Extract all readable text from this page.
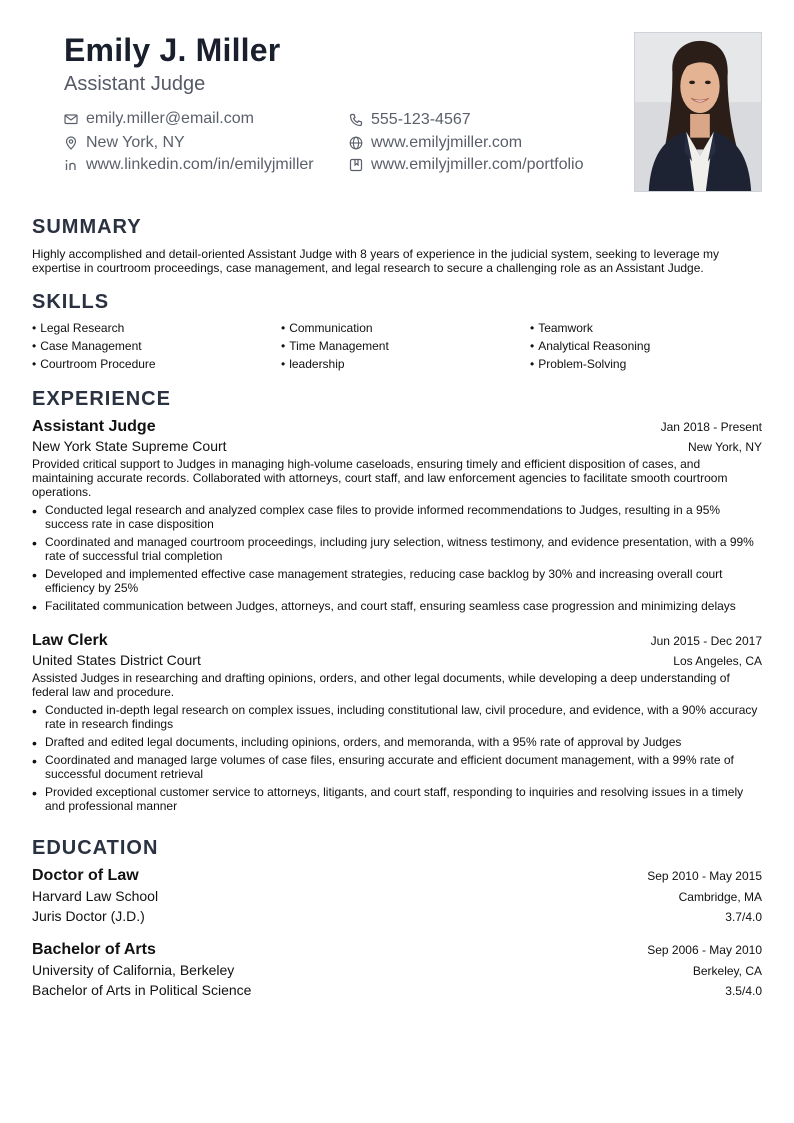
Emily J. Miller
Assistant Judge
emily.miller@email.com	555-123-4567
New York, NY	www.emilyjmiller.com
www.linkedin.com/in/emilyjmiller	www.emilyjmiller.com/portfolio
SUMMARY

Highly accomplished and detail-oriented Assistant Judge with 8 years of experience in the judicial system, seeking to leverage my expertise in courtroom proceedings, case management, and legal research to secure a challenging role as an Assistant Judge.

SKILLS
• Legal Research	• Communication	• Teamwork
• Case Management	• Time Management	• Analytical Reasoning
• Courtroom Procedure	• leadership	• Problem-Solving
EXPERIENCE
Assistant Judge	Jan 2018 - Present
New York State Supreme Court	New York, NY

Provided critical support to Judges in managing high-volume caseloads, ensuring timely and efficient disposition of cases, and maintaining accurate records. Collaborated with attorneys, court staff, and law enforcement agencies to facilitate smooth courtroom operations.

• Conducted legal research and analyzed complex case files to provide informed recommendations to Judges, resulting in a 95% success rate in case disposition
• Coordinated and managed courtroom proceedings, including jury selection, witness testimony, and evidence presentation, with a 99% rate of successful trial completion
• Developed and implemented effective case management strategies, reducing case backlog by 30% and increasing overall court efficiency by 25%
• Facilitated communication between Judges, attorneys, and court staff, ensuring seamless case progression and minimizing delays
Law Clerk	Jun 2015 - Dec 2017
United States District Court	Los Angeles, CA

Assisted Judges in researching and drafting opinions, orders, and other legal documents, while developing a deep understanding of federal law and procedure.

• Conducted in-depth legal research on complex issues, including constitutional law, civil procedure, and evidence, with a 90% accuracy rate in research findings
• Drafted and edited legal documents, including opinions, orders, and memoranda, with a 95% rate of approval by Judges
• Coordinated and managed large volumes of case files, ensuring accurate and efficient document management, with a 99% rate of successful document retrieval
• Provided exceptional customer service to attorneys, litigants, and court staff, responding to inquiries and resolving issues in a timely and professional manner
EDUCATION
Doctor of Law	Sep 2010 - May 2015
Harvard Law School	Cambridge, MA
Juris Doctor (J.D.)	3.7/4.0
Bachelor of Arts	Sep 2006 - May 2010
University of California, Berkeley	Berkeley, CA
Bachelor of Arts in Political Science	3.5/4.0
